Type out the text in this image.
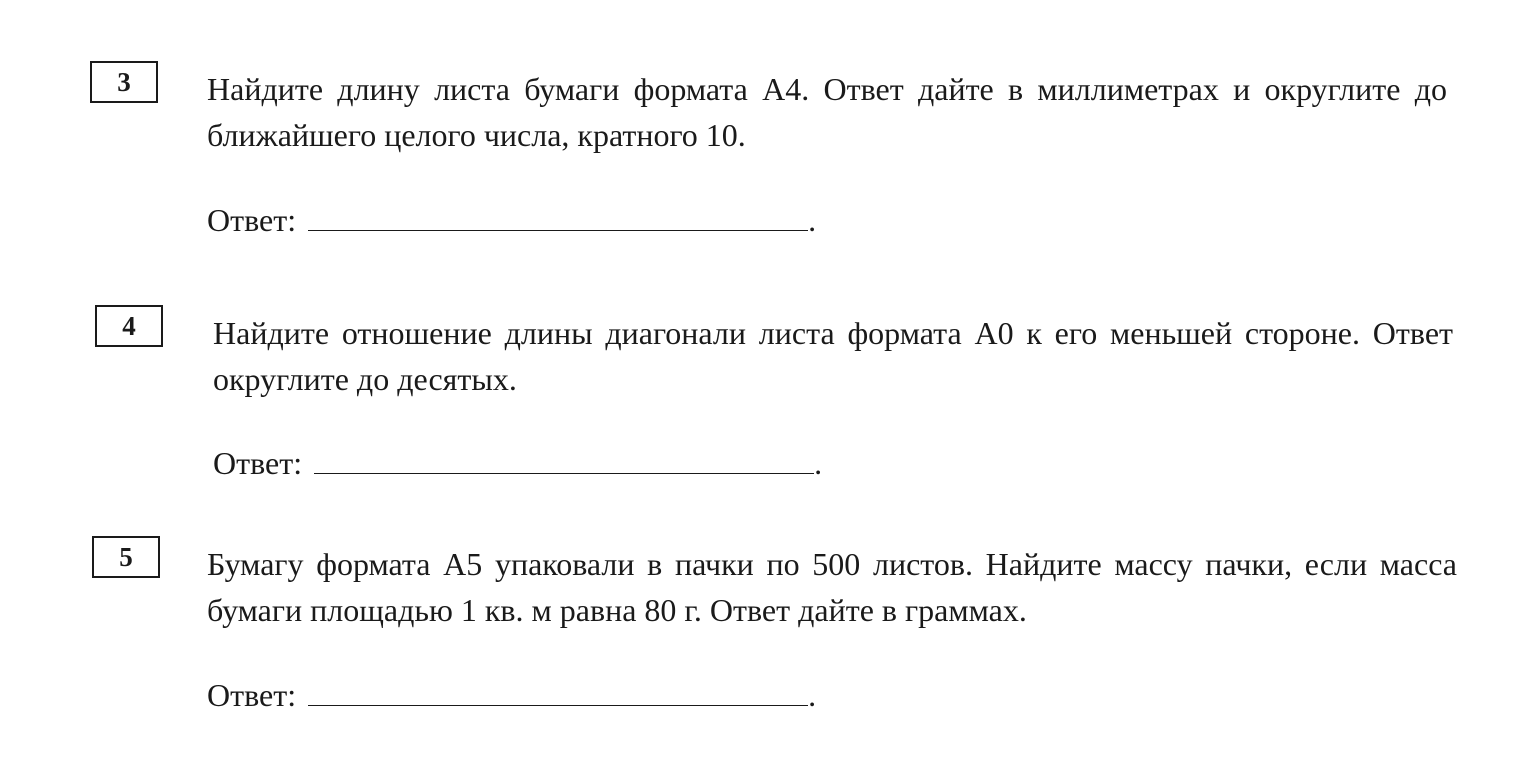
3	Найдите длину листа бумаги формата А4. Ответ дайте в миллиметрах и округлите до ближайшего целого числа, кратного 10.
Ответ:	.
4	Найдите отношение длины диагонали листа формата А0 к его меньшей стороне. Ответ округлите до десятых.
Ответ:	.
5	Бумагу формата А5 упаковали в пачки по 500 листов. Найдите массу пачки, если масса бумаги площадью 1 кв. м равна 80 г. Ответ дайте в граммах.
Ответ:	.
